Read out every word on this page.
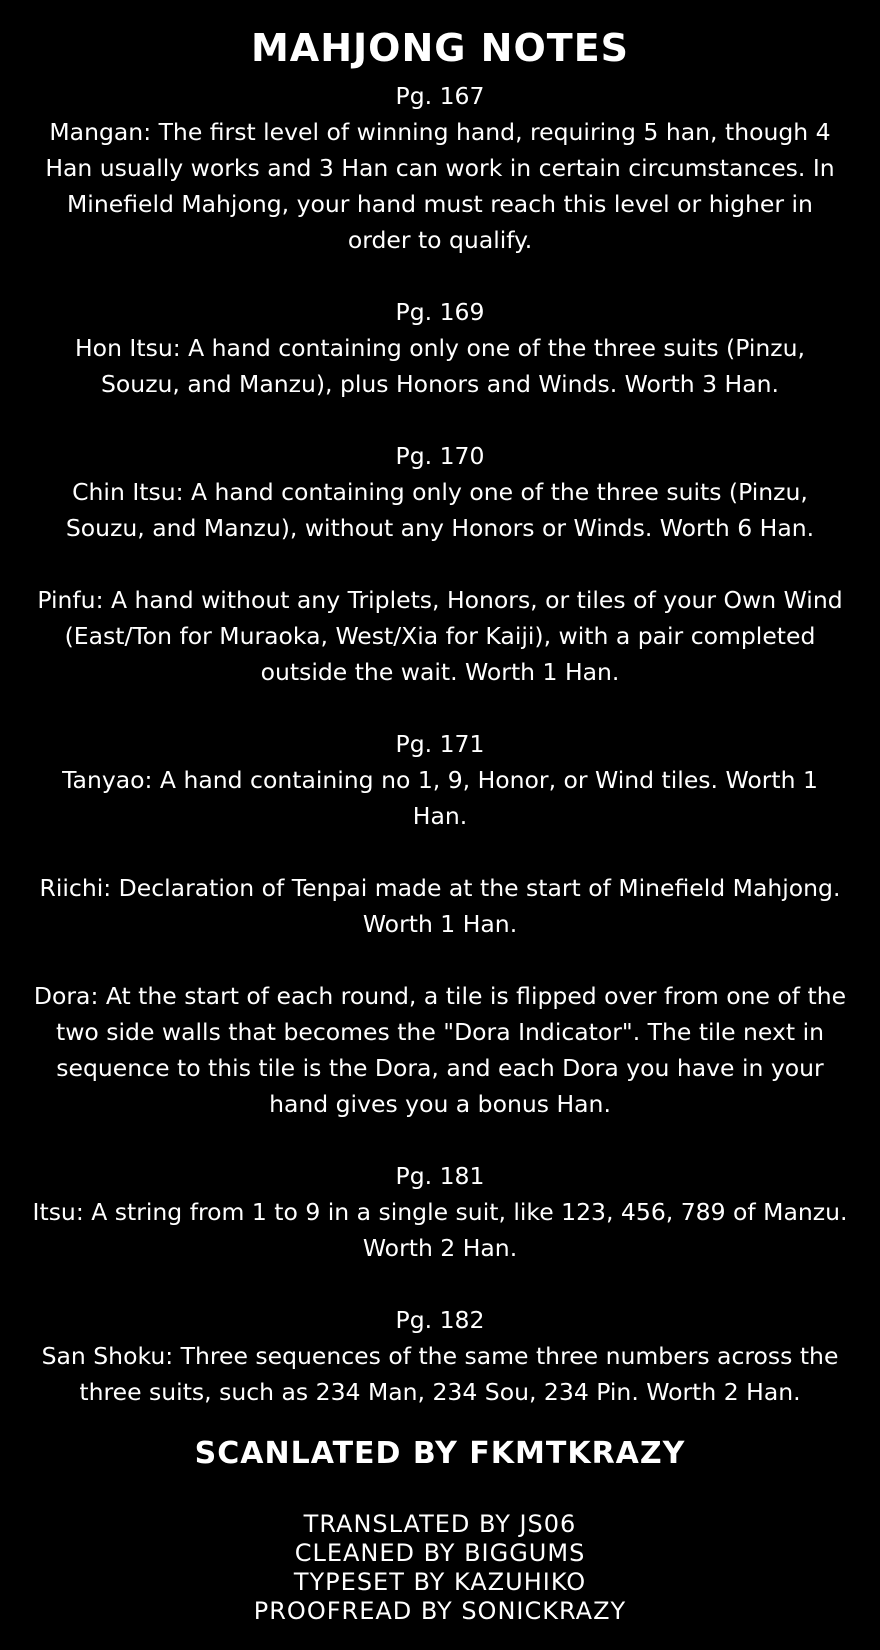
MAHJONG NOTES

Pg. 167

Mangan: The first level of winning hand, requiring 5 han, though 4 Han usually works and 3 Han can work in certain circumstances. In Minefield Mahjong, your hand must reach this level or higher in order to qualify.

Pg. 169

Hon Itsu: A hand containing only one of the three suits (Pinzu, Souzu, and Manzu), plus Honors and Winds. Worth 3 Han.

Pg. 170

Chin Itsu: A hand containing only one of the three suits (Pinzu, Souzu, and Manzu), without any Honors or Winds. Worth 6 Han.

Pinfu: A hand without any Triplets, Honors, or tiles of your Own Wind (East/Ton for Muraoka, West/Xia for Kaiji), with a pair completed outside the wait. Worth 1 Han.

Pg. 171

Tanyao: A hand containing no 1, 9, Honor, or Wind tiles. Worth 1 Han.

Riichi: Declaration of Tenpai made at the start of Minefield Mahjong. Worth 1 Han.

Dora: At the start of each round, a tile is flipped over from one of the two side walls that becomes the "Dora Indicator". The tile next in sequence to this tile is the Dora, and each Dora you have in your hand gives you a bonus Han.

Pg. 181

Itsu: A string from 1 to 9 in a single suit, like 123, 456, 789 of Manzu. Worth 2 Han.

Pg. 182

San Shoku: Three sequences of the same three numbers across the three suits, such as 234 Man, 234 Sou, 234 Pin. Worth 2 Han.

SCANLATED BY FKMTKRAZY

TRANSLATED BY JS06

CLEANED BY BIGGUMS

TYPESET BY KAZUHIKO

PROOFREAD BY SONICKRAZY
